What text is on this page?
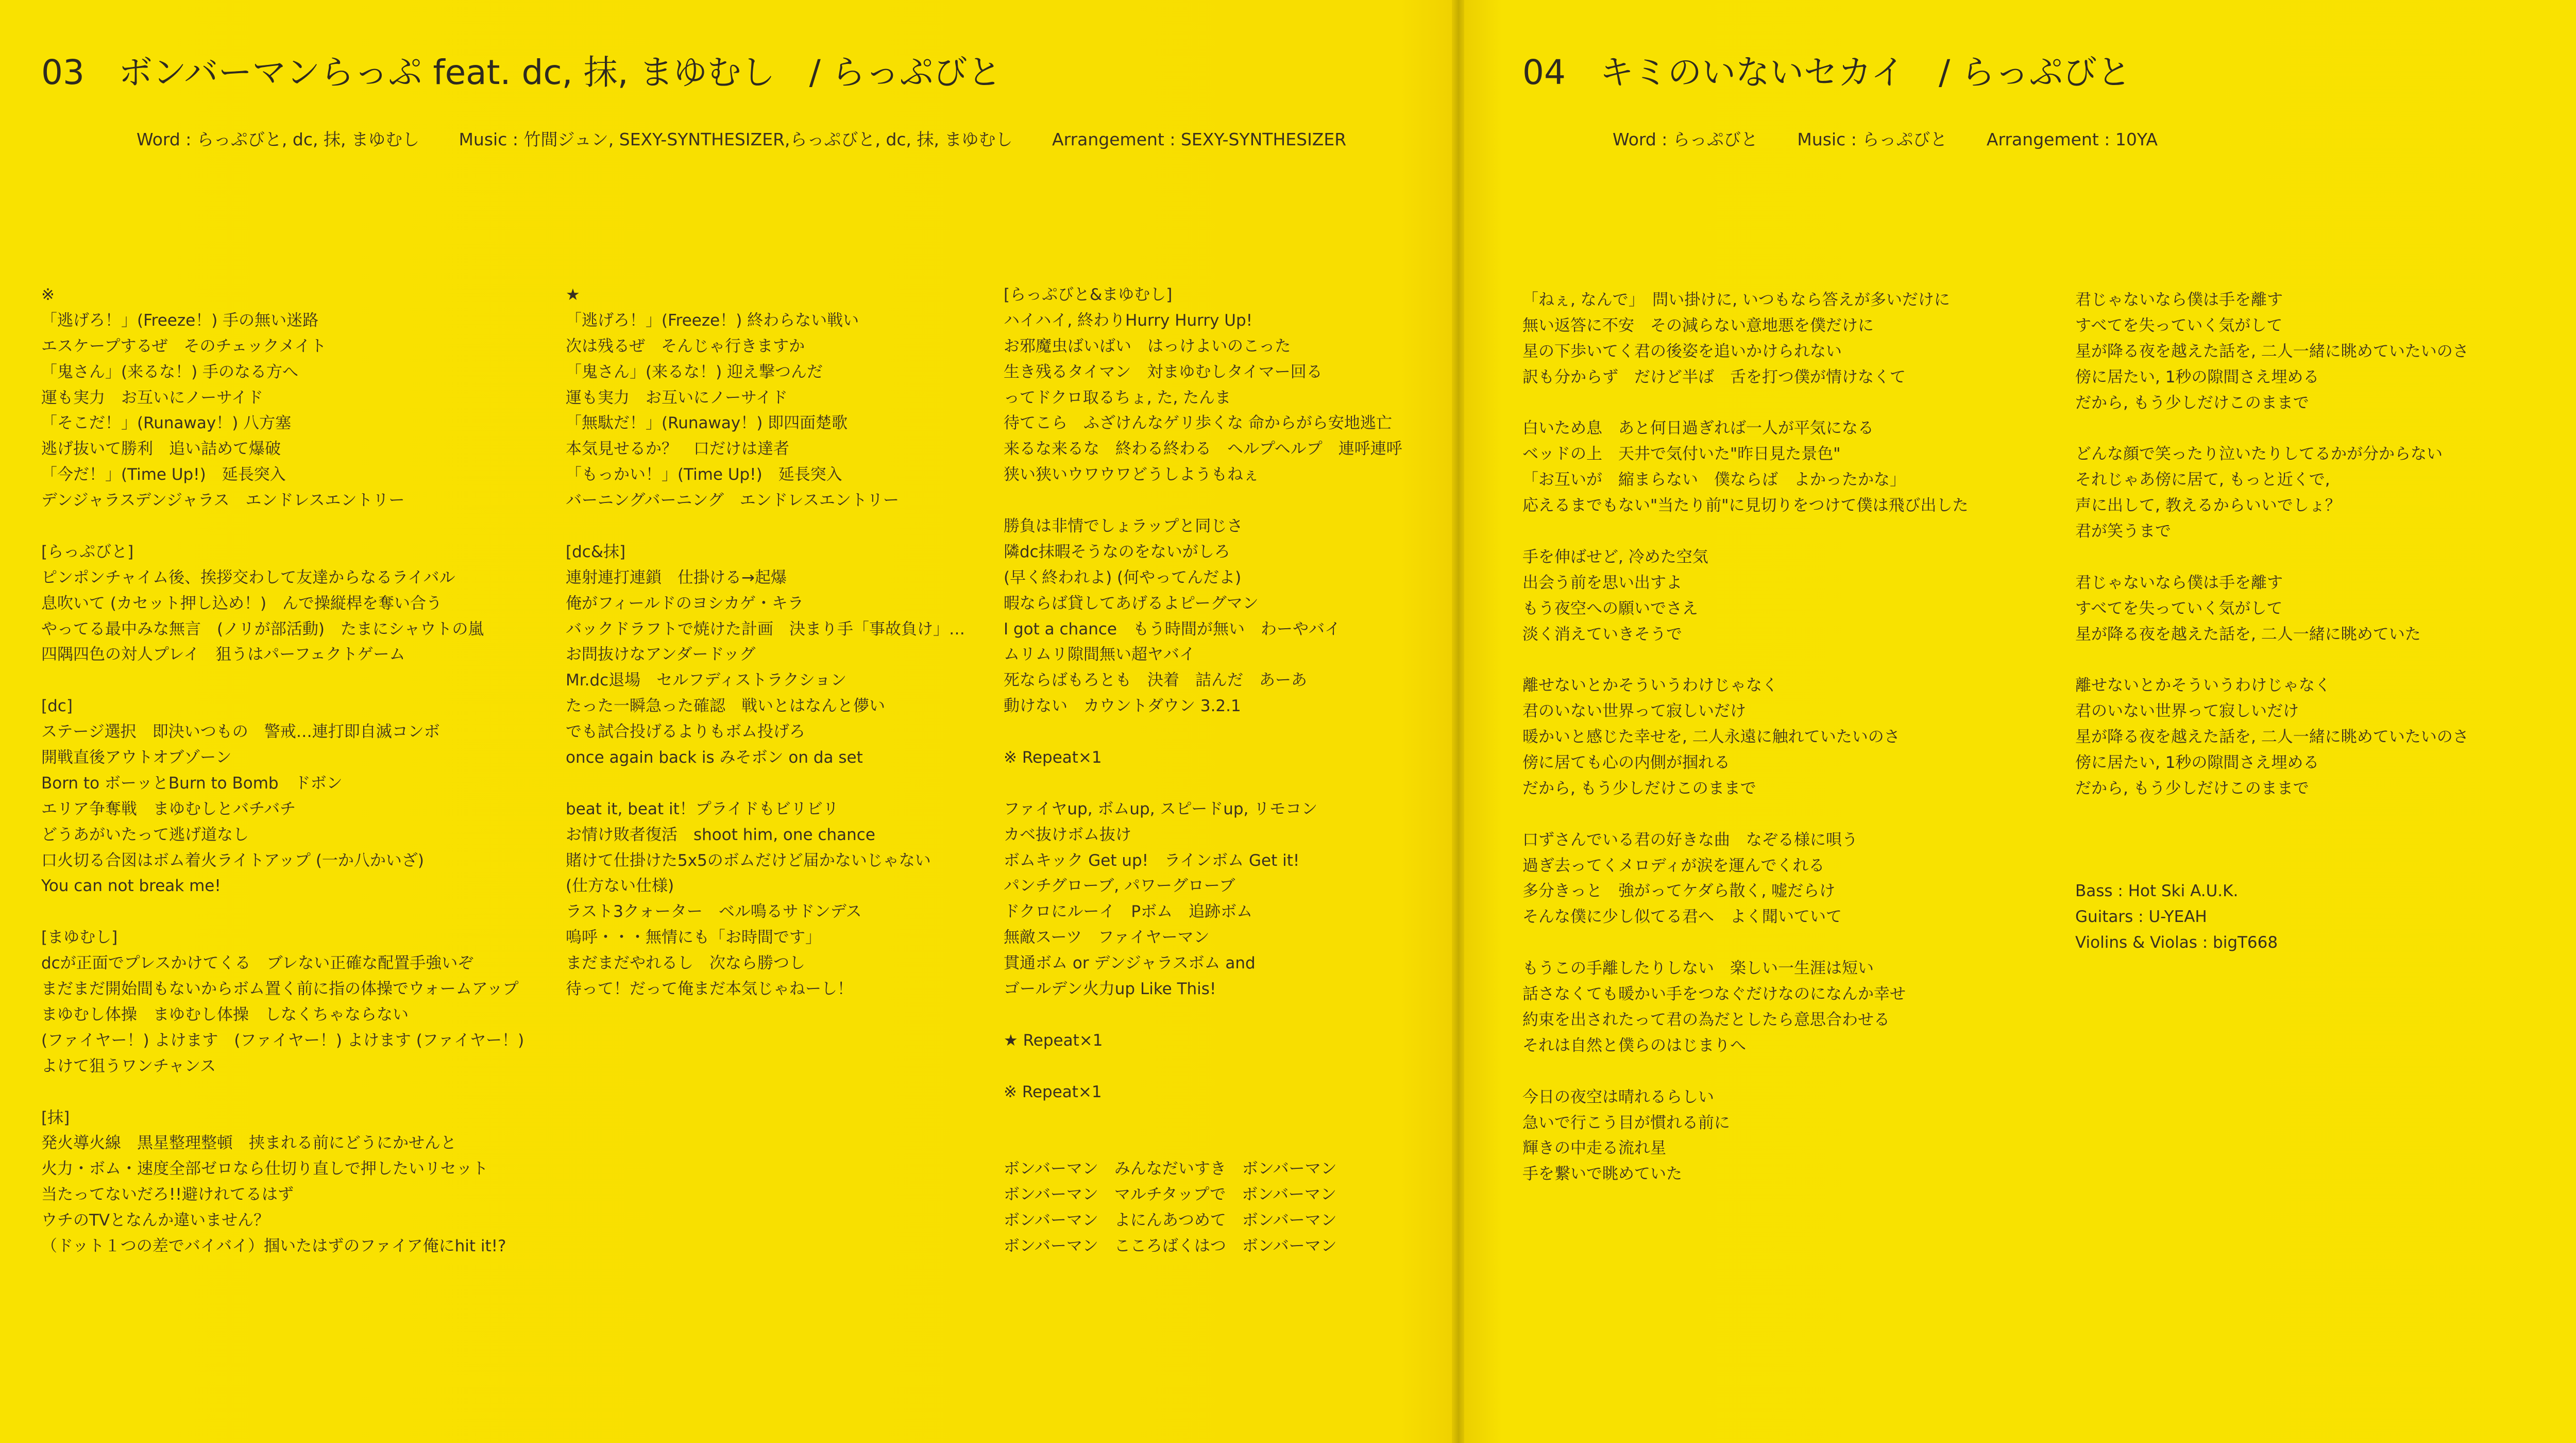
03　ボンバーマンらっぷ feat. dc, 抹, まゆむし　/ らっぷびと
Word : らっぷびと, dc, 抹, まゆむし Music : 竹間ジュン, SEXY-SYNTHESIZER,らっぷびと, dc, 抹, まゆむし Arrangement : SEXY-SYNTHESIZER
※
「逃げろ！」(Freeze！) 手の無い迷路
エスケープするぜ　そのチェックメイト
「鬼さん」(来るな！) 手のなる方へ
運も実力　お互いにノーサイド
「そこだ！」(Runaway！) 八方塞
逃げ抜いて勝利　追い詰めて爆破
「今だ！」(Time Up!)　延長突入
デンジャラスデンジャラス　エンドレスエントリー
[らっぷびと]
ピンポンチャイム後、挨拶交わして友達からなるライバル
息吹いて (カセット押し込め！)　んで操縦桿を奪い合う
やってる最中みな無言　(ノリが部活動)　たまにシャウトの嵐
四隅四色の対人プレイ　狙うはパーフェクトゲーム
[dc]
ステージ選択　即決いつもの　警戒…連打即自滅コンボ
開戦直後アウトオブゾーン
Born to ボーッとBurn to Bomb　ドボン
エリア争奪戦　まゆむしとバチバチ
どうあがいたって逃げ道なし
口火切る合図はボム着火ライトアップ (一か八かいざ)
You can not break me!
[まゆむし]
dcが正面でプレスかけてくる　ブレない正確な配置手強いぞ
まだまだ開始間もないからボム置く前に指の体操でウォームアップ
まゆむし体操　まゆむし体操　しなくちゃならない
(ファイヤー！) よけます　(ファイヤー！) よけます (ファイヤー！)
よけて狙うワンチャンス
[抹]
発火導火線　黒星整理整頓　挟まれる前にどうにかせんと
火力・ボム・速度全部ゼロなら仕切り直しで押したいリセット
当たってないだろ!!避けれてるはず
ウチのTVとなんか違いません？
（ドット１つの差でバイバイ）掴いたはずのファイア俺にhit it!?
★
「逃げろ！」(Freeze！) 終わらない戦い
次は残るぜ　そんじゃ行きますか
「鬼さん」(来るな！) 迎え撃つんだ
運も実力　お互いにノーサイド
「無駄だ！」(Runaway！) 即四面楚歌
本気見せるか？　口だけは達者
「もっかい！」(Time Up!)　延長突入
バーニングバーニング　エンドレスエントリー
[dc&抹]
連射連打連鎖　仕掛ける→起爆
俺がフィールドのヨシカゲ・キラ
バックドラフトで焼けた計画　決まり手「事故負け」…
お問抜けなアンダードッグ
Mr.dc退場　セルフディストラクション
たった一瞬急った確認　戦いとはなんと儚い
でも試合投げるよりもボム投げろ
once again back is みそボン on da set
beat it, beat it！プライドもビリビリ
お情け敗者復活　shoot him, one chance
賭けて仕掛けた5x5のボムだけど届かないじゃない
(仕方ない仕様)
ラスト3クォーター　ベル鳴るサドンデス
嗚呼・・・無情にも「お時間です」
まだまだやれるし　次なら勝つし
待って！だって俺まだ本気じゃねーし！
[らっぷびと&まゆむし]
ハイハイ, 終わりHurry Hurry Up!
お邪魔虫ばいばい　はっけよいのこった
生き残るタイマン　対まゆむしタイマー回る
ってドクロ取るちょ, た, たんま
待てこら　ふざけんなゲリ歩くな 命からがら安地逃亡
来るな来るな　終わる終わる　ヘルプヘルプ　連呼連呼
狭い狭いウワウワどうしようもねぇ
勝負は非情でしょラップと同じさ
隣dc抹暇そうなのをないがしろ
(早く終われよ) (何やってんだよ)
暇ならば貸してあげるよピーグマン
I got a chance　もう時間が無い　わーやバイ
ムリムリ隙間無い超ヤバイ
死ならばもろとも　決着　詰んだ　あーあ
動けない　カウントダウン 3.2.1
※ Repeat×1
ファイヤup, ボムup, スピードup, リモコン
カベ抜けボム抜け
ボムキック Get up!　ラインボム Get it!
パンチグローブ, パワーグローブ
ドクロにルーイ　Pボム　追跡ボム
無敵スーツ　ファイヤーマン
貫通ボム or デンジャラスボム and
ゴールデン火力up Like This!
★ Repeat×1
※ Repeat×1
ボンバーマン　みんなだいすき　ボンバーマン
ボンバーマン　マルチタップで　ボンバーマン
ボンバーマン　よにんあつめて　ボンバーマン
ボンバーマン　こころばくはつ　ボンバーマン
04　キミのいないセカイ　/ らっぷびと
Word : らっぷびと Music : らっぷびと Arrangement : 10YA
「ねぇ, なんで」　問い掛けに, いつもなら答えが多いだけに
無い返答に不安　その減らない意地悪を僕だけに
星の下歩いてく君の後姿を追いかけられない
訳も分からず　だけど半ば　舌を打つ僕が情けなくて
白いため息　あと何日過ぎれば一人が平気になる
ベッドの上　天井で気付いた"昨日見た景色"
「お互いが　縮まらない　僕ならば　よかったかな」
応えるまでもない"当たり前"に見切りをつけて僕は飛び出した
手を伸ばせど, 冷めた空気
出会う前を思い出すよ
もう夜空への願いでさえ
淡く消えていきそうで
離せないとかそういうわけじゃなく
君のいない世界って寂しいだけ
暖かいと感じた幸せを, 二人永遠に触れていたいのさ
傍に居ても心の内側が掴れる
だから, もう少しだけこのままで
口ずさんでいる君の好きな曲　なぞる様に唄う
過ぎ去ってくメロディが涙を運んでくれる
多分きっと　強がってケダら散く, 嘘だらけ
そんな僕に少し似てる君へ　よく聞いていて
もうこの手離したりしない　楽しい一生涯は短い
話さなくても暖かい手をつなぐだけなのになんか幸せ
約束を出されたって君の為だとしたら意思合わせる
それは自然と僕らのはじまりへ
今日の夜空は晴れるらしい
急いで行こう目が慣れる前に
輝きの中走る流れ星
手を繋いで眺めていた
君じゃないなら僕は手を離す
すべてを失っていく気がして
星が降る夜を越えた話を, 二人一緒に眺めていたいのさ
傍に居たい, 1秒の隙間さえ埋める
だから, もう少しだけこのままで
どんな顔で笑ったり泣いたりしてるかが分からない
それじゃあ傍に居て, もっと近くで,
声に出して, 教えるからいいでしょ？
君が笑うまで
君じゃないなら僕は手を離す
すべてを失っていく気がして
星が降る夜を越えた話を, 二人一緒に眺めていた
離せないとかそういうわけじゃなく
君のいない世界って寂しいだけ
星が降る夜を越えた話を, 二人一緒に眺めていたいのさ
傍に居たい, 1秒の隙間さえ埋める
だから, もう少しだけこのままで
Bass : Hot Ski A.U.K.
Guitars : U-YEAH
Violins & Violas : bigT668
